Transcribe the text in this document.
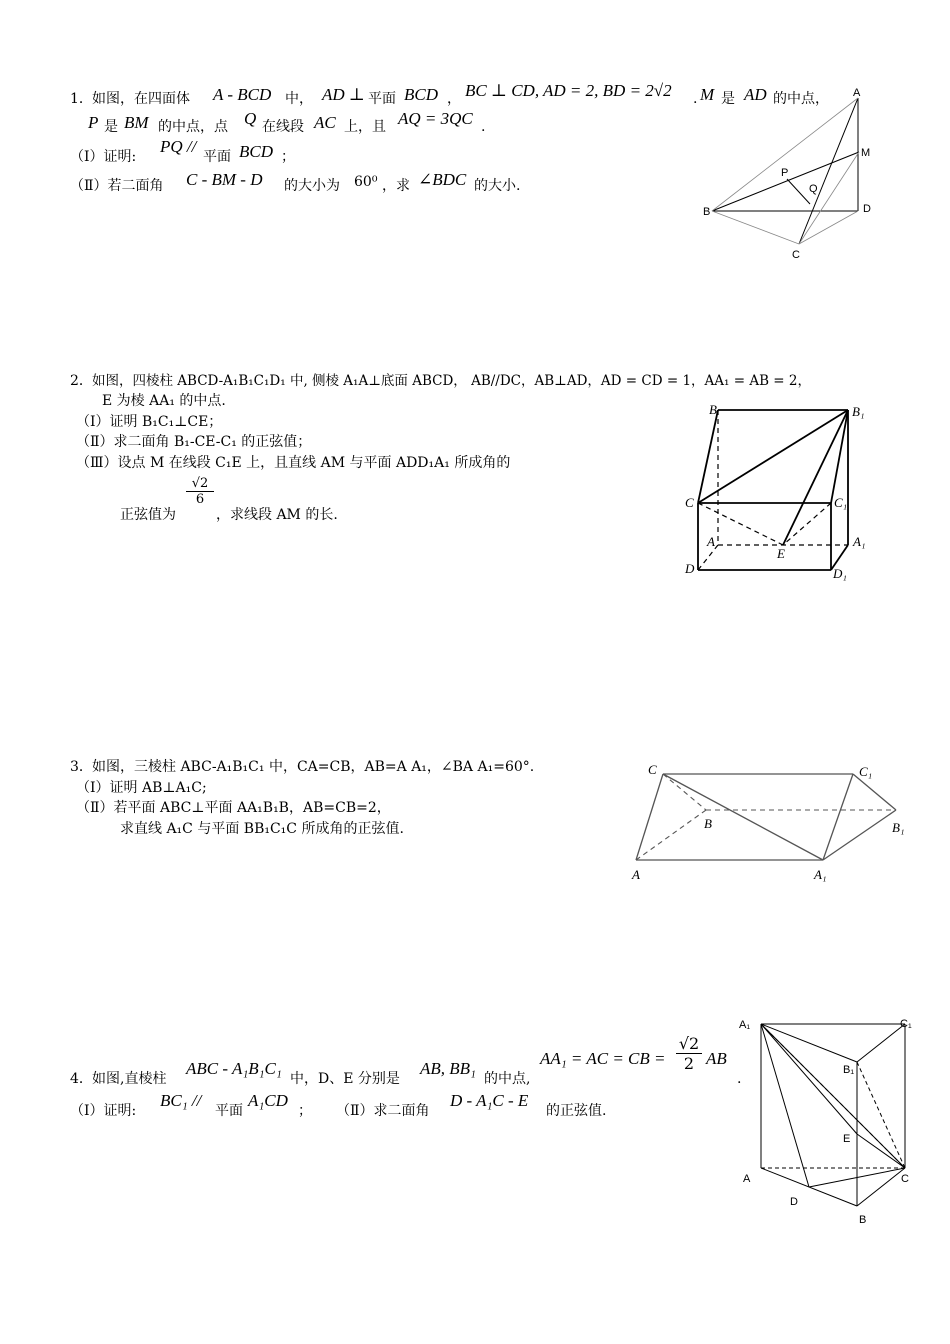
1． 如图，在四面体 A - BCD 中， AD ⊥ 平面 BCD ， BC ⊥ CD, AD = 2, BD = 2√2 . M 是 AD 的中点，
P 是 BM 的中点，点 Q 在线段 AC 上，且 AQ = 3QC .
（Ⅰ）证明:
PQ //
平面 BCD ；
（Ⅱ）若二面角 C - BM - D 的大小为 60⁰ ，求 ∠BDC 的大小.
A
M
P
Q
B	D
C
2． 如图，四棱柱 ABCD-A₁B₁C₁D₁ 中, 侧棱 A₁A⊥底面 ABCD， AB//DC，AB⊥AD，AD = CD = 1，AA₁ = AB = 2，
E 为棱 AA₁ 的中点.
（Ⅰ）证明 B₁C₁⊥CE；
（Ⅱ）求二面角 B₁-CE-C₁ 的正弦值；
（Ⅲ）设点 M 在线段 C₁E 上，且直线 AM 与平面 ADD₁A₁ 所成角的
正弦值为
$\frac{√2}{6}$
，求线段 AM 的长.
B	B₁
C	C₁
A	A₁
D	D₁
E
3． 如图，三棱柱 ABC-A₁B₁C₁ 中，CA=CB，AB=A A₁，∠BA A₁=60°.
（Ⅰ）证明 AB⊥A₁C;
（Ⅱ）若平面 ABC⊥平面 AA₁B₁B，AB=CB=2，
求直线 A₁C 与平面 BB₁C₁C 所成角的正弦值.
C	C₁
B	B₁
A	A₁
4． 如图,直棱柱
ABC - A₁B₁C₁
中，D、E 分别是
AB, BB₁
的中点,
AA₁ = AC = CB = $\frac{√2}{2}$ AB
.
（Ⅰ）证明:
BC₁ //
平面
A₁CD
； （Ⅱ）求二面角
D - A₁C - E
的正弦值.
A₁	C₁
B₁
E
A	C
D
B
